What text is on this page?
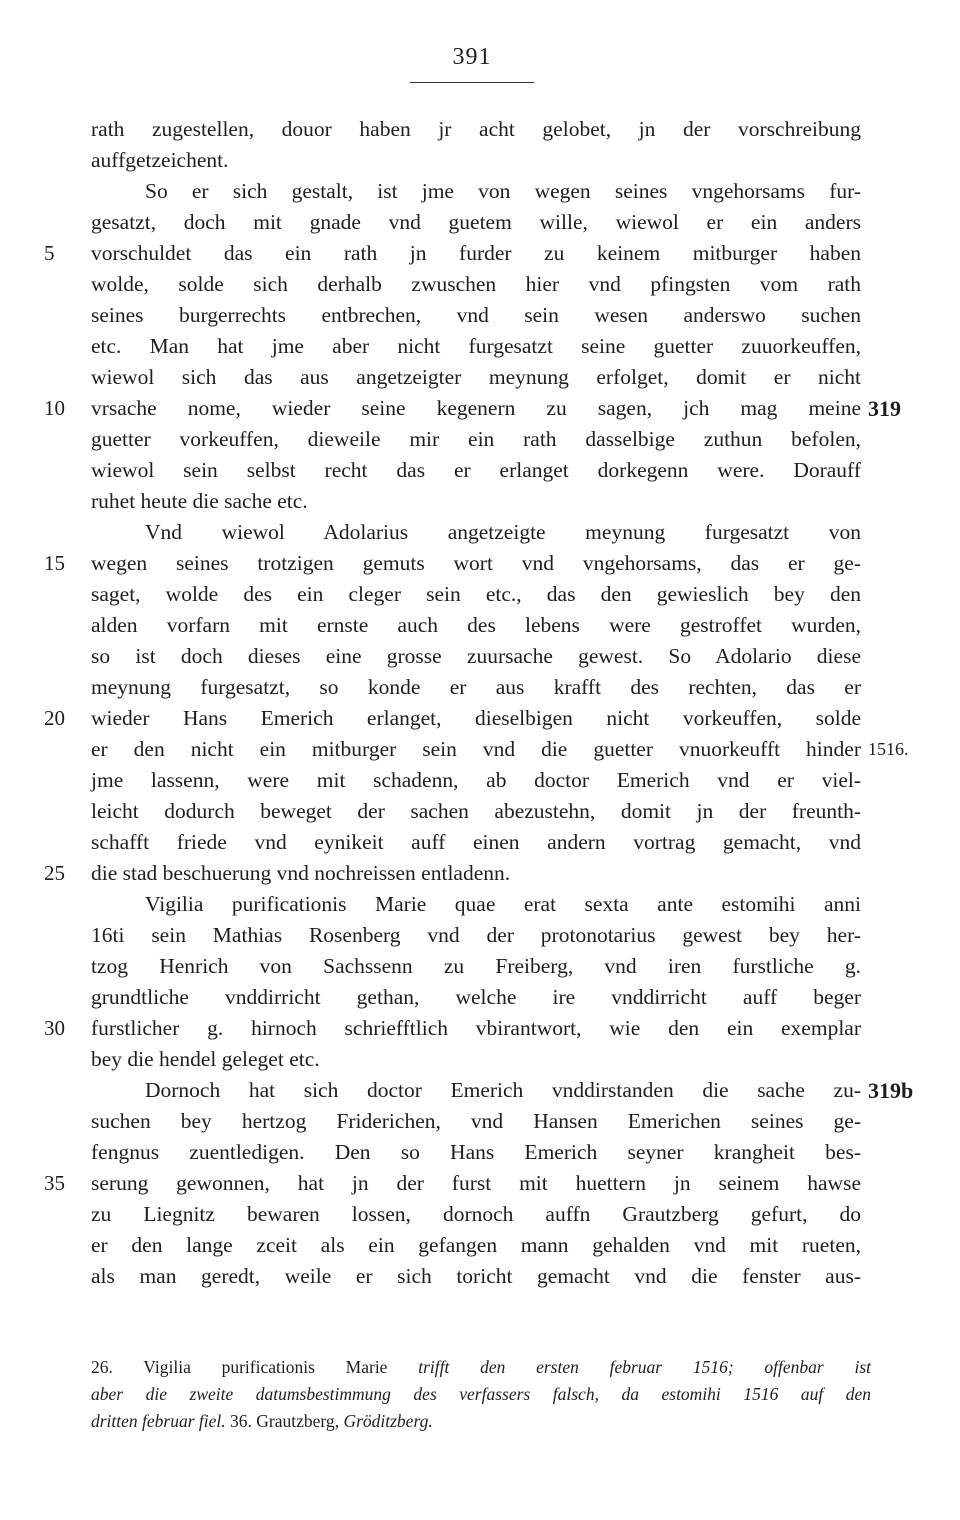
391
rath zugestellen, douor haben jr acht gelobet, jn der vorschreibung
auffgetzeichent.
So er sich gestalt, ist jme von wegen seines vngehorsams fur-
gesatzt, doch mit gnade vnd guetem wille, wiewol er ein anders
vorschuldet das ein rath jn furder zu keinem mitburger haben
wolde, solde sich derhalb zwuschen hier vnd pfingsten vom rath
seines burgerrechts entbrechen, vnd sein wesen anderswo suchen
etc. Man hat jme aber nicht furgesatzt seine guetter zuuorkeuffen,
wiewol sich das aus angetzeigter meynung erfolget, domit er nicht
vrsache nome, wieder seine kegenern zu sagen, jch mag meine
guetter vorkeuffen, dieweile mir ein rath dasselbige zuthun befolen,
wiewol sein selbst recht das er erlanget dorkegenn were. Dorauff
ruhet heute die sache etc.
Vnd wiewol Adolarius angetzeigte meynung furgesatzt von
wegen seines trotzigen gemuts wort vnd vngehorsams, das er ge-
saget, wolde des ein cleger sein etc., das den gewieslich bey den
alden vorfarn mit ernste auch des lebens were gestroffet wurden,
so ist doch dieses eine grosse zuursache gewest. So Adolario diese
meynung furgesatzt, so konde er aus krafft des rechten, das er
wieder Hans Emerich erlanget, dieselbigen nicht vorkeuffen, solde
er den nicht ein mitburger sein vnd die guetter vnuorkeufft hinder
jme lassenn, were mit schadenn, ab doctor Emerich vnd er viel-
leicht dodurch beweget der sachen abezustehn, domit jn der freunth-
schafft friede vnd eynikeit auff einen andern vortrag gemacht, vnd
die stad beschuerung vnd nochreissen entladenn.
Vigilia purificationis Marie quae erat sexta ante estomihi anni
16ti sein Mathias Rosenberg vnd der protonotarius gewest bey her-
tzog Henrich von Sachssenn zu Freiberg, vnd iren furstliche g.
grundtliche vnddirricht gethan, welche ire vnddirricht auff beger
furstlicher g. hirnoch schriefftlich vbirantwort, wie den ein exemplar
bey die hendel geleget etc.
Dornoch hat sich doctor Emerich vnddirstanden die sache zu-
suchen bey hertzog Friderichen, vnd Hansen Emerichen seines ge-
fengnus zuentledigen. Den so Hans Emerich seyner krangheit bes-
serung gewonnen, hat jn der furst mit huettern jn seinem hawse
zu Liegnitz bewaren lossen, dornoch auffn Grautzberg gefurt, do
er den lange zceit als ein gefangen mann gehalden vnd mit rueten,
als man geredt, weile er sich toricht gemacht vnd die fenster aus-
5
10
15
20
25
30
35
319
1516.
319b
26. Vigilia purificationis Marie trifft den ersten februar 1516; offenbar ist
aber die zweite datumsbestimmung des verfassers falsch, da estomihi 1516 auf den
dritten februar fiel. 36. Grautzberg, Gröditzberg.
